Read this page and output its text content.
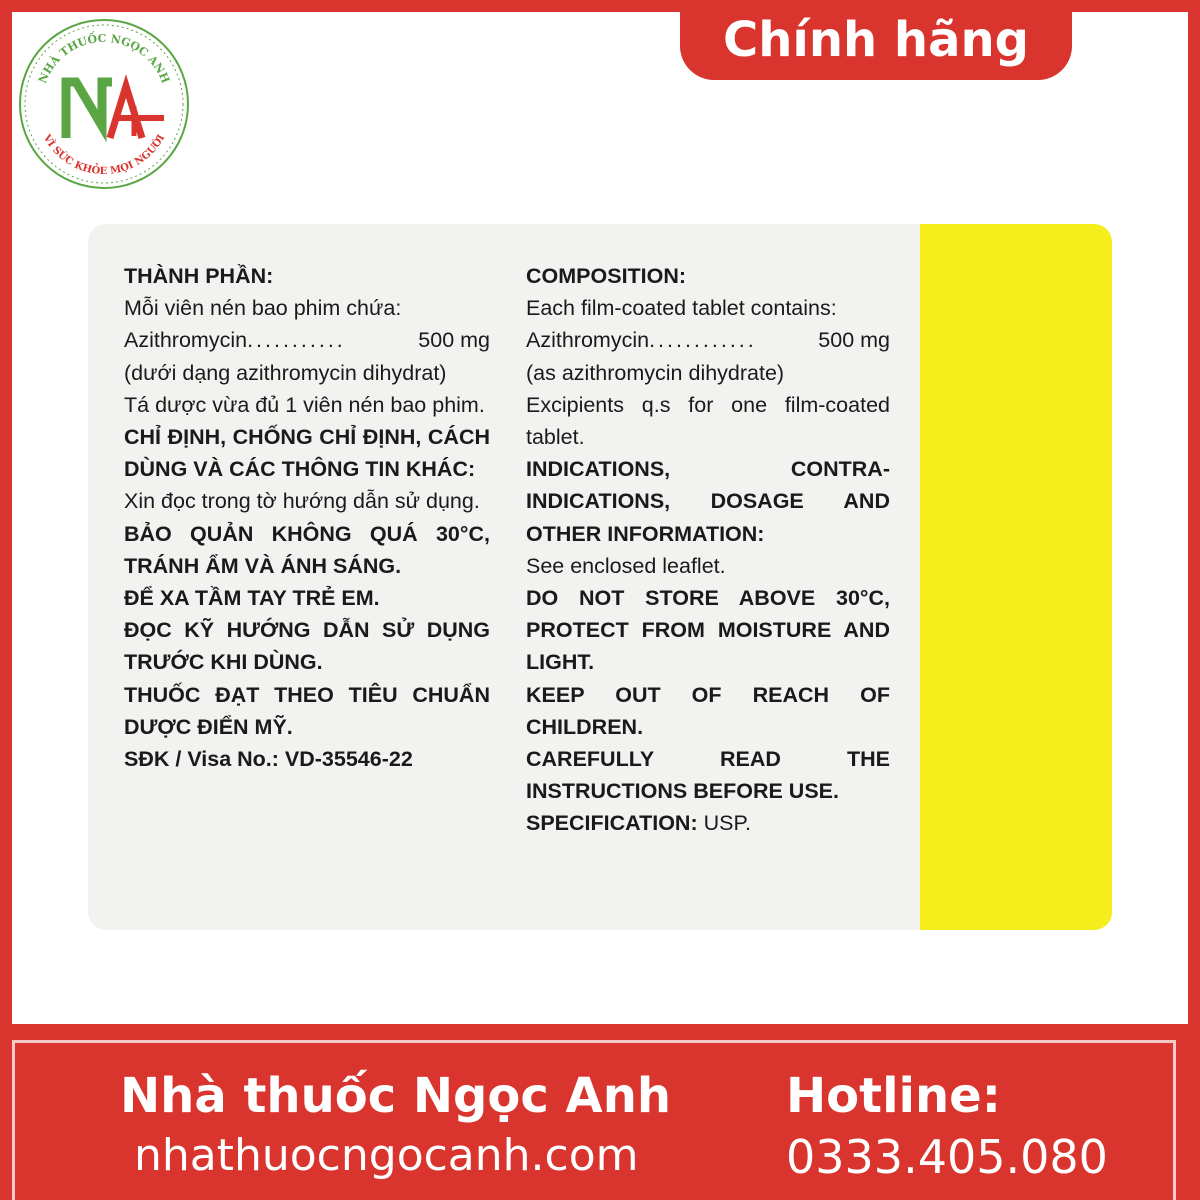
NHÀ THUỐC NGỌC ANH
VÌ SỨC KHỎE MỌI NGƯỜI
Chính hãng

THÀNH PHẦN:

Mỗi viên nén bao phim chứa:

Azithromycin ...........	500 mg

(dưới dạng azithromycin dihydrat)

Tá dược vừa đủ 1 viên nén bao phim.

CHỈ ĐỊNH, CHỐNG CHỈ ĐỊNH, CÁCH DÙNG VÀ CÁC THÔNG TIN KHÁC:

Xin đọc trong tờ hướng dẫn sử dụng.

BẢO QUẢN KHÔNG QUÁ 30°C, TRÁNH ẨM VÀ ÁNH SÁNG.

ĐỂ XA TẦM TAY TRẺ EM.

ĐỌC KỸ HƯỚNG DẪN SỬ DỤNG TRƯỚC KHI DÙNG.

THUỐC ĐẠT THEO TIÊU CHUẨN DƯỢC ĐIỂN MỸ.

SĐK / Visa No.: VD-35546-22

COMPOSITION:

Each film-coated tablet contains:

Azithromycin ............	500 mg

(as azithromycin dihydrate)

Excipients q.s for one film-coated tablet.

INDICATIONS, CONTRA-INDICATIONS, DOSAGE AND OTHER INFORMATION:

See enclosed leaflet.

DO NOT STORE ABOVE 30°C, PROTECT FROM MOISTURE AND LIGHT.

KEEP OUT OF REACH OF CHILDREN.

CAREFULLY READ THE INSTRUCTIONS BEFORE USE.

SPECIFICATION: USP.

Nhà thuốc Ngọc Anh
nhathuocngocanh.com
Hotline:
0333.405.080
